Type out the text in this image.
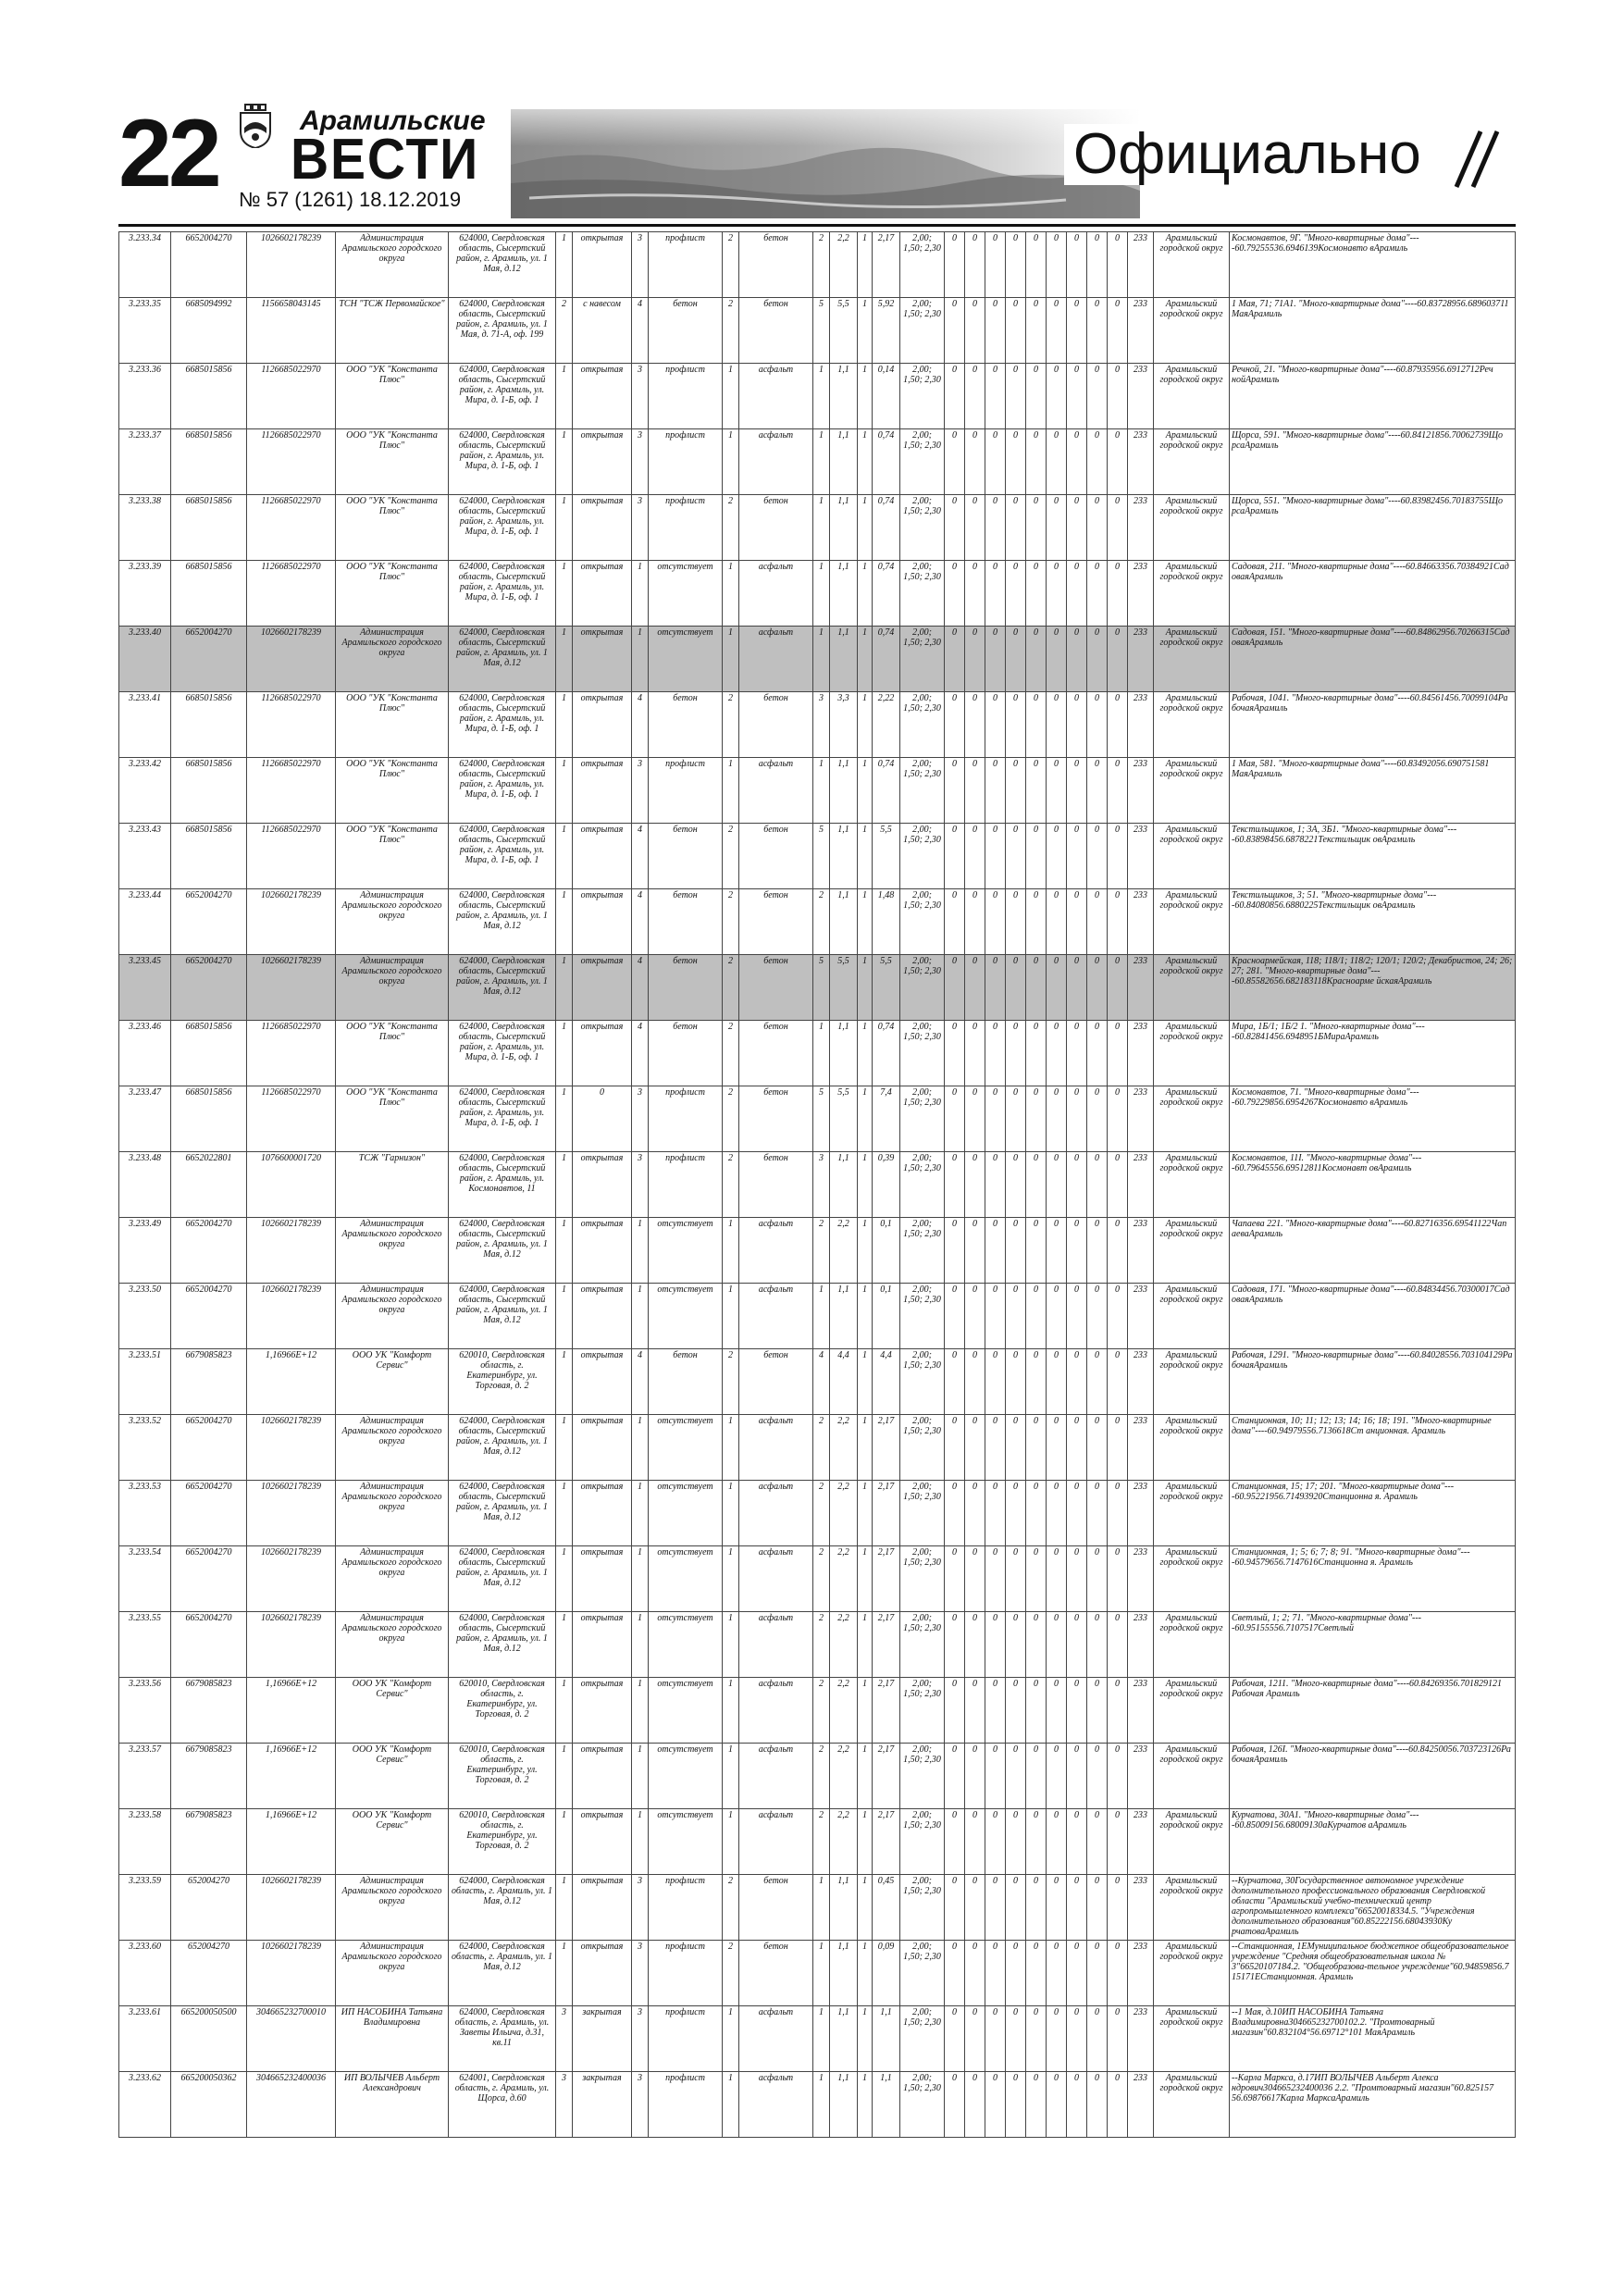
22	Арамильские
ВЕСТИ
№ 57 (1261) 18.12.2019
Официально
3.233.34	6652004270	1026602178239	Администрация Арамильского городского округа	624000, Свердловская область, Сысертский район, г. Арамиль, ул. 1 Мая, д.12	1	открытая	3	профлист	2	бетон	2	2,2	1	2,17	2,00; 1,50; 2,30	0	0	0	0	0	0	0	0	0	233	Арамильский городской округ	Космонавтов, 9Г. "Много-квартирные дома"----60.79255536.6946139Космонавто вАрамиль
3.233.35	6685094992	1156658043145	ТСН "ТСЖ Первомайское"	624000, Свердловская область, Сысертский район, г. Арамиль, ул. 1 Мая, д. 71-А, оф. 199	2	с навесом	4	бетон	2	бетон	5	5,5	1	5,92	2,00; 1,50; 2,30	0	0	0	0	0	0	0	0	0	233	Арамильский городской округ	1 Мая, 71; 71А1. "Много-квартирные дома"----60.83728956.689603711 МаяАрамиль
3.233.36	6685015856	1126685022970	ООО "УК "Константа Плюс"	624000, Свердловская область, Сысертский район, г. Арамиль, ул. Мира, д. 1-Б, оф. 1	1	открытая	3	профлист	1	асфальт	1	1,1	1	0,14	2,00; 1,50; 2,30	0	0	0	0	0	0	0	0	0	233	Арамильский городской округ	Речной, 21. "Много-квартирные дома"----60.87935956.6912712Реч нойАрамиль
3.233.37	6685015856	1126685022970	ООО "УК "Константа Плюс"	624000, Свердловская область, Сысертский район, г. Арамиль, ул. Мира, д. 1-Б, оф. 1	1	открытая	3	профлист	1	асфальт	1	1,1	1	0,74	2,00; 1,50; 2,30	0	0	0	0	0	0	0	0	0	233	Арамильский городской округ	Щорса, 591. "Много-квартирные дома"----60.84121856.70062739Що рсаАрамиль
3.233.38	6685015856	1126685022970	ООО "УК "Константа Плюс"	624000, Свердловская область, Сысертский район, г. Арамиль, ул. Мира, д. 1-Б, оф. 1	1	открытая	3	профлист	2	бетон	1	1,1	1	0,74	2,00; 1,50; 2,30	0	0	0	0	0	0	0	0	0	233	Арамильский городской округ	Щорса, 551. "Много-квартирные дома"----60.83982456.70183755Що рсаАрамиль
3.233.39	6685015856	1126685022970	ООО "УК "Константа Плюс"	624000, Свердловская область, Сысертский район, г. Арамиль, ул. Мира, д. 1-Б, оф. 1	1	открытая	1	отсутствует	1	асфальт	1	1,1	1	0,74	2,00; 1,50; 2,30	0	0	0	0	0	0	0	0	0	233	Арамильский городской округ	Садовая, 211. "Много-квартирные дома"----60.84663356.70384921Сад оваяАрамиль
3.233.40	6652004270	1026602178239	Администрация Арамильского городского округа	624000, Свердловская область, Сысертский район, г. Арамиль, ул. 1 Мая, д.12	1	открытая	1	отсутствует	1	асфальт	1	1,1	1	0,74	2,00; 1,50; 2,30	0	0	0	0	0	0	0	0	0	233	Арамильский городской округ	Садовая, 151. "Много-квартирные дома"----60.84862956.70266315Сад оваяАрамиль
3.233.41	6685015856	1126685022970	ООО "УК "Константа Плюс"	624000, Свердловская область, Сысертский район, г. Арамиль, ул. Мира, д. 1-Б, оф. 1	1	открытая	4	бетон	2	бетон	3	3,3	1	2,22	2,00; 1,50; 2,30	0	0	0	0	0	0	0	0	0	233	Арамильский городской округ	Рабочая, 1041. "Много-квартирные дома"----60.84561456.70099104Ра бочаяАрамиль
3.233.42	6685015856	1126685022970	ООО "УК "Константа Плюс"	624000, Свердловская область, Сысертский район, г. Арамиль, ул. Мира, д. 1-Б, оф. 1	1	открытая	3	профлист	1	асфальт	1	1,1	1	0,74	2,00; 1,50; 2,30	0	0	0	0	0	0	0	0	0	233	Арамильский городской округ	1 Мая, 581. "Много-квартирные дома"----60.83492056.690751581 МаяАрамиль
3.233.43	6685015856	1126685022970	ООО "УК "Константа Плюс"	624000, Свердловская область, Сысертский район, г. Арамиль, ул. Мира, д. 1-Б, оф. 1	1	открытая	4	бетон	2	бетон	5	1,1	1	5,5	2,00; 1,50; 2,30	0	0	0	0	0	0	0	0	0	233	Арамильский городской округ	Текстильщиков, 1; 3А, 3Б1. "Много-квартирные дома"----60.83898456.6878221Текстильщик овАрамиль
3.233.44	6652004270	1026602178239	Администрация Арамильского городского округа	624000, Свердловская область, Сысертский район, г. Арамиль, ул. 1 Мая, д.12	1	открытая	4	бетон	2	бетон	2	1,1	1	1,48	2,00; 1,50; 2,30	0	0	0	0	0	0	0	0	0	233	Арамильский городской округ	Текстильщиков, 3; 51. "Много-квартирные дома"----60.84080856.6880225Текстильщик овАрамиль
3.233.45	6652004270	1026602178239	Администрация Арамильского городского округа	624000, Свердловская область, Сысертский район, г. Арамиль, ул. 1 Мая, д.12	1	открытая	4	бетон	2	бетон	5	5,5	1	5,5	2,00; 1,50; 2,30	0	0	0	0	0	0	0	0	0	233	Арамильский городской округ	Красноармейская, 118; 118/1; 118/2; 120/1; 120/2; Декабристов, 24; 26; 27; 281. "Много-квартирные дома"----60.85582656.682183118Красноарме йскаяАрамиль
3.233.46	6685015856	1126685022970	ООО "УК "Константа Плюс"	624000, Свердловская область, Сысертский район, г. Арамиль, ул. Мира, д. 1-Б, оф. 1	1	открытая	4	бетон	2	бетон	1	1,1	1	0,74	2,00; 1,50; 2,30	0	0	0	0	0	0	0	0	0	233	Арамильский городской округ	Мира, 1Б/1; 1Б/2 1. "Много-квартирные дома"----60.82841456.6948951БМираАрамиль
3.233.47	6685015856	1126685022970	ООО "УК "Константа Плюс"	624000, Свердловская область, Сысертский район, г. Арамиль, ул. Мира, д. 1-Б, оф. 1	1	0	3	профлист	2	бетон	5	5,5	1	7,4	2,00; 1,50; 2,30	0	0	0	0	0	0	0	0	0	233	Арамильский городской округ	Космонавтов, 71. "Много-квартирные дома"----60.79229856.6954267Космонавто вАрамиль
3.233.48	6652022801	1076600001720	ТСЖ "Гарнизон"	624000, Свердловская область, Сысертский район, г. Арамиль, ул. Космонавтов, 11	1	открытая	3	профлист	2	бетон	3	1,1	1	0,39	2,00; 1,50; 2,30	0	0	0	0	0	0	0	0	0	233	Арамильский городской округ	Космонавтов, 11I. "Много-квартирные дома"----60.79645556.69512811Космонавт овАрамиль
3.233.49	6652004270	1026602178239	Администрация Арамильского городского округа	624000, Свердловская область, Сысертский район, г. Арамиль, ул. 1 Мая, д.12	1	открытая	1	отсутствует	1	асфальт	2	2,2	1	0,1	2,00; 1,50; 2,30	0	0	0	0	0	0	0	0	0	233	Арамильский городской округ	Чапаева 221. "Много-квартирные дома"----60.82716356.69541122Чап аеваАрамиль
3.233.50	6652004270	1026602178239	Администрация Арамильского городского округа	624000, Свердловская область, Сысертский район, г. Арамиль, ул. 1 Мая, д.12	1	открытая	1	отсутствует	1	асфальт	1	1,1	1	0,1	2,00; 1,50; 2,30	0	0	0	0	0	0	0	0	0	233	Арамильский городской округ	Садовая, 171. "Много-квартирные дома"----60.84834456.70300017Сад оваяАрамиль
3.233.51	6679085823	1,16966E+12	ООО УК "Комфорт Сервис"	620010, Свердловская область, г. Екатеринбург, ул. Торговая, д. 2	1	открытая	4	бетон	2	бетон	4	4,4	1	4,4	2,00; 1,50; 2,30	0	0	0	0	0	0	0	0	0	233	Арамильский городской округ	Рабочая, 1291. "Много-квартирные дома"----60.84028556.703104129Ра бочаяАрамиль
3.233.52	6652004270	1026602178239	Администрация Арамильского городского округа	624000, Свердловская область, Сысертский район, г. Арамиль, ул. 1 Мая, д.12	1	открытая	1	отсутствует	1	асфальт	2	2,2	1	2,17	2,00; 1,50; 2,30	0	0	0	0	0	0	0	0	0	233	Арамильский городской округ	Станционная, 10; 11; 12; 13; 14; 16; 18; 191. "Много-квартирные дома"----60.94979556.7136618Ст анционная. Арамиль
3.233.53	6652004270	1026602178239	Администрация Арамильского городского округа	624000, Свердловская область, Сысертский район, г. Арамиль, ул. 1 Мая, д.12	1	открытая	1	отсутствует	1	асфальт	2	2,2	1	2,17	2,00; 1,50; 2,30	0	0	0	0	0	0	0	0	0	233	Арамильский городской округ	Станционная, 15; 17; 201. "Много-квартирные дома"----60.95221956.71493920Станционна я. Арамиль
3.233.54	6652004270	1026602178239	Администрация Арамильского городского округа	624000, Свердловская область, Сысертский район, г. Арамиль, ул. 1 Мая, д.12	1	открытая	1	отсутствует	1	асфальт	2	2,2	1	2,17	2,00; 1,50; 2,30	0	0	0	0	0	0	0	0	0	233	Арамильский городской округ	Станционная, 1; 5; 6; 7; 8; 91. "Много-квартирные дома"----60.94579656.7147616Станционна я. Арамиль
3.233.55	6652004270	1026602178239	Администрация Арамильского городского округа	624000, Свердловская область, Сысертский район, г. Арамиль, ул. 1 Мая, д.12	1	открытая	1	отсутствует	1	асфальт	2	2,2	1	2,17	2,00; 1,50; 2,30	0	0	0	0	0	0	0	0	0	233	Арамильский городской округ	Светлый, 1; 2; 71. "Много-квартирные дома"----60.95155556.7107517Светлый
3.233.56	6679085823	1,16966E+12	ООО УК "Комфорт Сервис"	620010, Свердловская область, г. Екатеринбург, ул. Торговая, д. 2	1	открытая	1	отсутствует	1	асфальт	2	2,2	1	2,17	2,00; 1,50; 2,30	0	0	0	0	0	0	0	0	0	233	Арамильский городской округ	Рабочая, 1211. "Много-квартирные дома"----60.84269356.701829121 Рабочая Арамиль
3.233.57	6679085823	1,16966E+12	ООО УК "Комфорт Сервис"	620010, Свердловская область, г. Екатеринбург, ул. Торговая, д. 2	1	открытая	1	отсутствует	1	асфальт	2	2,2	1	2,17	2,00; 1,50; 2,30	0	0	0	0	0	0	0	0	0	233	Арамильский городской округ	Рабочая, 126I. "Много-квартирные дома"----60.84250056.703723126Ра бочаяАрамиль
3.233.58	6679085823	1,16966E+12	ООО УК "Комфорт Сервис"	620010, Свердловская область, г. Екатеринбург, ул. Торговая, д. 2	1	открытая	1	отсутствует	1	асфальт	2	2,2	1	2,17	2,00; 1,50; 2,30	0	0	0	0	0	0	0	0	0	233	Арамильский городской округ	Курчатова, 30А1. "Много-квартирные дома"----60.85009156.68009130аКурчатов аАрамиль
3.233.59	652004270	1026602178239	Администрация Арамильского городского округа	624000, Свердловская область, г. Арамиль, ул. 1 Мая, д.12	1	открытая	3	профлист	2	бетон	1	1,1	1	0,45	2,00; 1,50; 2,30	0	0	0	0	0	0	0	0	0	233	Арамильский городской округ	--Курчатова, 30Государственное автономное учреждение дополнительного профессионального образования Свердловской области "Арамильский учебно-технический центр агропромышленного комплекса"66520018334.5. "Учреждения дополнительного образования"60.85222156.68043930Ку рчатоваАрамиль
3.233.60	652004270	1026602178239	Администрация Арамильского городского округа	624000, Свердловская область, г. Арамиль, ул. 1 Мая, д.12	1	открытая	3	профлист	2	бетон	1	1,1	1	0,09	2,00; 1,50; 2,30	0	0	0	0	0	0	0	0	0	233	Арамильский городской округ	--Станционная, 1ЕМуниципальное бюджетное общеобразовательное учреждение "Средняя общеобразовательная школа № 3"66520107184.2. "Общеобразова-тельное учреждение"60.94859856.7 15171ЕСтанционная. Арамиль
3.233.61	665200050500	304665232700010	ИП НАСОБИНА Татьяна Владимировна	624000, Свердловская область, г. Арамиль, ул. Заветы Ильича, д.31, кв.11	3	закрытая	3	профлист	1	асфальт	1	1,1	1	1,1	2,00; 1,50; 2,30	0	0	0	0	0	0	0	0	0	233	Арамильский городской округ	--1 Мая, д.10ИП НАСОБИНА Татьяна Владимировна304665232700102.2. "Промтоварный магазин"60.832104°56.69712°101 МаяАрамиль
3.233.62	665200050362	304665232400036	ИП ВОЛЫЧЕВ Альберт Александрович	624001, Свердловская область, г. Арамиль, ул. Щорса, д.60	3	закрытая	3	профлист	1	асфальт	1	1,1	1	1,1	2,00; 1,50; 2,30	0	0	0	0	0	0	0	0	0	233	Арамильский городской округ	--Карла Маркса, д.17ИП ВОЛЫЧЕВ Альберт Алекса ндрович304665232400036 2.2. "Промтоварный магазин"60.825157 56.69876617Карла МарксаАрамиль
